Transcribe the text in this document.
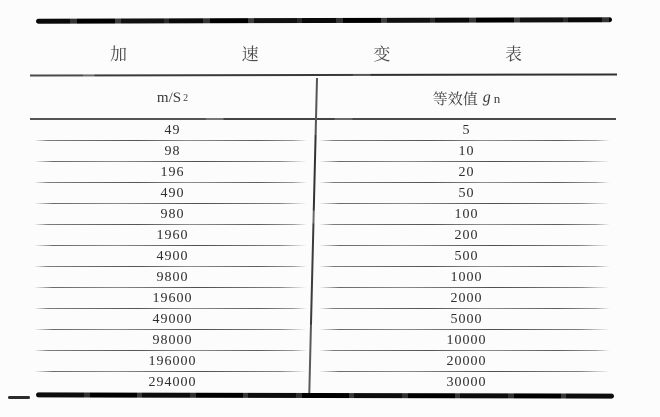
加	速	变	表
m/S 2	等效值 g n
49	5
98	10
196	20
490	50
980	100
1960	200
4900	500
9800	1000
19600	2000
49000	5000
98000	10000
196000	20000
294000	30000
